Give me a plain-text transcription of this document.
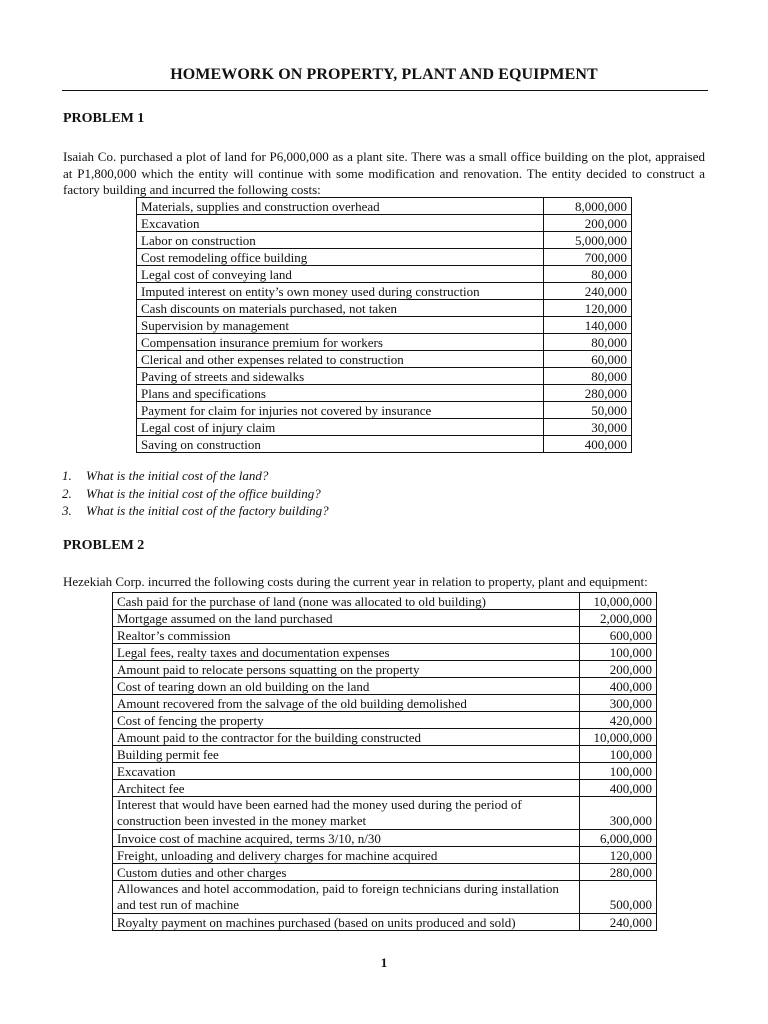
HOMEWORK ON PROPERTY, PLANT AND EQUIPMENT
PROBLEM 1
Isaiah Co. purchased a plot of land for P6,000,000 as a plant site. There was a small office building on the plot, appraised at P1,800,000 which the entity will continue with some modification and renovation. The entity decided to construct a factory building and incurred the following costs:
Materials, supplies and construction overhead	8,000,000
Excavation	200,000
Labor on construction	5,000,000
Cost remodeling office building	700,000
Legal cost of conveying land	80,000
Imputed interest on entity’s own money used during construction	240,000
Cash discounts on materials purchased, not taken	120,000
Supervision by management	140,000
Compensation insurance premium for workers	80,000
Clerical and other expenses related to construction	60,000
Paving of streets and sidewalks	80,000
Plans and specifications	280,000
Payment for claim for injuries not covered by insurance	50,000
Legal cost of injury claim	30,000
Saving on construction	400,000
1. What is the initial cost of the land?
2. What is the initial cost of the office building?
3. What is the initial cost of the factory building?
PROBLEM 2
Hezekiah Corp. incurred the following costs during the current year in relation to property, plant and equipment:
Cash paid for the purchase of land (none was allocated to old building)	10,000,000
Mortgage assumed on the land purchased	2,000,000
Realtor’s commission	600,000
Legal fees, realty taxes and documentation expenses	100,000
Amount paid to relocate persons squatting on the property	200,000
Cost of tearing down an old building on the land	400,000
Amount recovered from the salvage of the old building demolished	300,000
Cost of fencing the property	420,000
Amount paid to the contractor for the building constructed	10,000,000
Building permit fee	100,000
Excavation	100,000
Architect fee	400,000
Interest that would have been earned had the money used during the period of construction been invested in the money market	300,000
Invoice cost of machine acquired, terms 3/10, n/30	6,000,000
Freight, unloading and delivery charges for machine acquired	120,000
Custom duties and other charges	280,000
Allowances and hotel accommodation, paid to foreign technicians during installation and test run of machine	500,000
Royalty payment on machines purchased (based on units produced and sold)	240,000
1
